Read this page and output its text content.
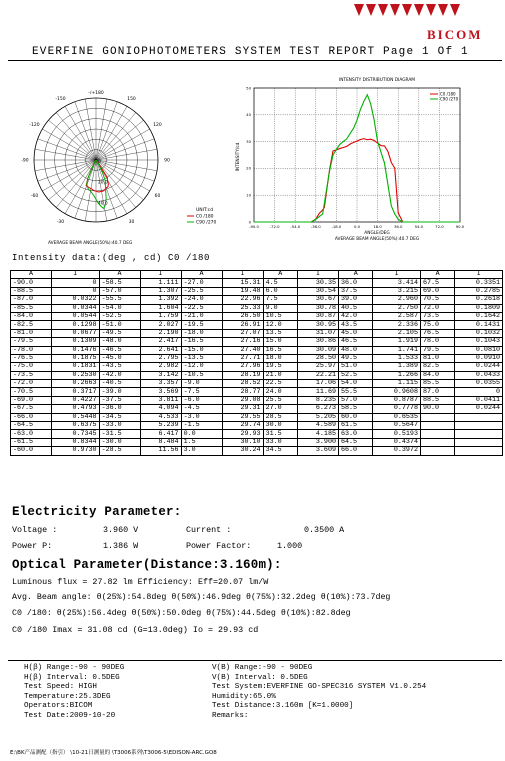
BICOM
EVERFINE GONIOPHOTOMETERS SYSTEM TEST REPORT Page 1 Of 1
-/+180
-150	150
-120	120
-90	90
-60	60
-30	30
40.0
20.0
0
UNIT:cd
C0 /180
C90 /270
AVERAGE BEAM ANGLE(50%):40.7 DEG
INTENSITY DISTRIBUTION DIAGRAM
INTENSITY/cd
ANGLE/DEG
AVERAGE BEAM ANGLE(50%):40.7 DEG
-90.0	-72.0	-54.0	-36.0	-18.0	0.0	18.0	36.0	54.0	72.0	90.0
0
10
20
30
40
50
C0 /180
C90 /270
Intensity data:(deg , cd) C0 /180
A	I	A	I	A	I	A	I	A	I	A	I
-90.0	0	-58.5	1.111	-27.0	15.31	4.5	30.35	36.0	3.414	67.5	0.3351
-88.5	0	-57.0	1.307	-25.5	19.48	6.0	30.54	37.5	3.215	69.0	0.2785
-87.0	0.0322	-55.5	1.392	-24.0	22.96	7.5	30.67	39.0	2.960	70.5	0.2618
-85.5	0.0344	-54.0	1.604	-22.5	25.33	9.0	30.78	40.5	2.750	72.0	0.1809
-84.0	0.0544	-52.5	1.759	-21.0	26.50	10.5	30.87	42.0	2.587	73.5	0.1642
-82.5	0.1298	-51.0	2.027	-19.5	26.91	12.0	30.95	43.5	2.336	75.0	0.1431
-81.0	0.0677	-49.5	2.190	-18.0	27.07	13.5	31.07	45.0	2.105	76.5	0.1032
-79.5	0.1309	-48.0	2.417	-16.5	27.16	15.0	30.86	46.5	1.919	78.0	0.1043
-78.0	0.1476	-46.5	2.641	-15.0	27.40	16.5	30.09	48.0	1.741	79.5	0.0810
-76.5	0.1875	-45.0	2.795	-13.5	27.71	18.0	28.50	49.5	1.533	81.0	0.0910
-75.0	0.1831	-43.5	2.982	-12.0	27.96	19.5	25.97	51.0	1.389	82.5	0.0244
-73.5	0.2530	-42.0	3.142	-10.5	28.19	21.0	22.21	52.5	1.266	84.0	0.0433
-72.0	0.2663	-40.5	3.357	-9.0	28.52	22.5	17.06	54.0	1.115	85.5	0.0355
-70.5	0.3717	-39.0	3.569	-7.5	28.77	24.0	11.69	55.5	0.9608	87.0	0
-69.0	0.4227	-37.5	3.811	-6.0	29.08	25.5	8.235	57.0	0.8787	88.5	0.0411
-67.5	0.4793	-36.0	4.094	-4.5	29.31	27.0	6.273	58.5	0.7778	90.0	0.0244
-66.0	0.5448	-34.5	4.533	-3.0	29.55	28.5	5.205	60.0	0.6535		
-64.5	0.6375	-33.0	5.239	-1.5	29.74	30.0	4.589	61.5	0.5647		
-63.0	0.7345	-31.5	6.417	0.0	29.93	31.5	4.185	63.0	0.5193		
-61.5	0.8344	-30.0	8.484	1.5	30.10	33.0	3.900	64.5	0.4374		
-60.0	0.9730	-28.5	11.56	3.0	30.24	34.5	3.609	66.0	0.3972		
Electricity Parameter:
Voltage :	3.960 V	Current :	0.3500 A
Power P:	1.386 W	Power Factor:	1.000
Optical Parameter(Distance:3.160m):
Luminous flux = 27.82 lm Efficiency: Eff=20.07 lm/W
Avg. Beam angle: θ(25%):54.8deg θ(50%):46.9deg θ(75%):32.2deg θ(10%):73.7deg
C0 /180: θ(25%):56.4deg θ(50%):50.0deg θ(75%):44.5deg θ(10%):82.8deg
C0 /180 Imax = 31.08 cd (G=13.0deg) Io = 29.93 cd
H(β) Range:-90 - 90DEG
H(β) Interval: 0.5DEG
Test Speed: HIGH
Temperature:25.3DEG
Operators:BICOM
Test Date:2009-10-20
V(B) Range:-90 - 90DEG
V(B) Interval: 0.5DEG
Test System:EVERFINE GO-SPEC316 SYSTEM V1.0.254
Humidity:65.0%
Test Distance:3.160m [K=1.0000]
Remarks:
E:\BK产品测配（指引） \10-21日测量的 \T3006系列\T3006-5\EDISON-ARC.GO8
